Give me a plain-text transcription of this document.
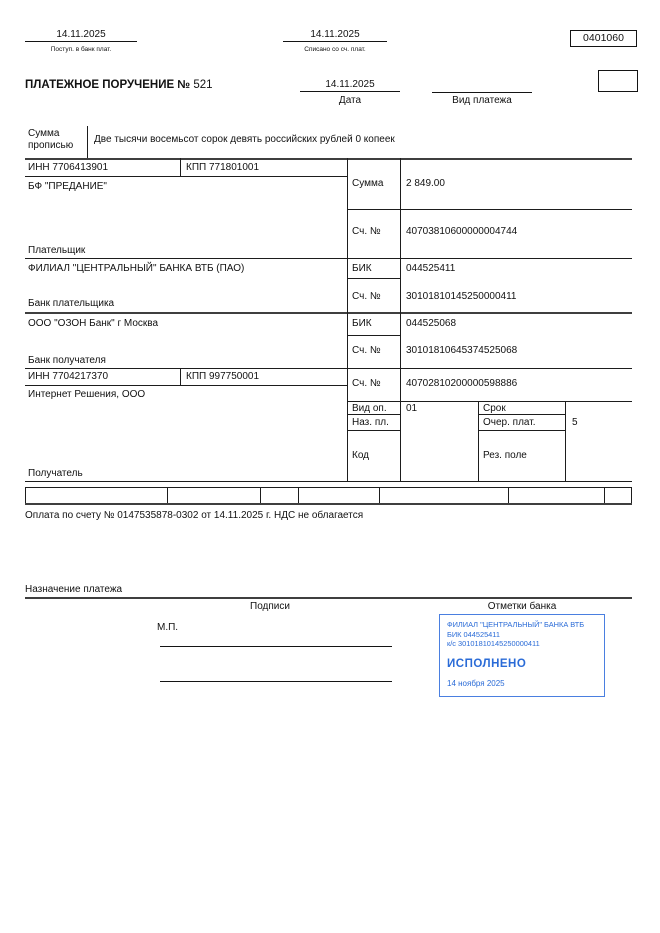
14.11.2025
Поступ. в банк плат.
14.11.2025
Списано со сч. плат.
0401060
ПЛАТЕЖНОЕ ПОРУЧЕНИЕ № 521	14.11.2025
Дата	Вид платежа
Сумма прописью
Две тысячи восемьсот сорок девять российских рублей 0 копеек
ИНН 7706413901	КПП 771801001
БФ "ПРЕДАНИЕ"
Плательщик
Сумма 2 849.00
Сч. №	40703810600000004744
ФИЛИАЛ "ЦЕНТРАЛЬНЫЙ" БАНКА ВТБ (ПАО)
Банк плательщика
БИК	044525411
Сч. №	30101810145250000411
ООО "ОЗОН Банк" г Москва
Банк получателя
БИК	044525068
Сч. №	30101810645374525068
ИНН 7704217370	КПП 997750001
Интернет Решения, ООО
Получатель
Сч. №	40702810200000598886
Вид оп. 01	Срок
Наз. пл.	Очер. плат.	5
Код	Рез. поле
Оплата по счету № 0147535878-0302 от 14.11.2025 г. НДС не облагается
Назначение платежа
Подписи	Отметки банка
М.П.	ФИЛИАЛ "ЦЕНТРАЛЬНЫЙ" БАНКА ВТБ
БИК 044525411
к/с 30101810145250000411
ИСПОЛНЕНО
14 ноября 2025
